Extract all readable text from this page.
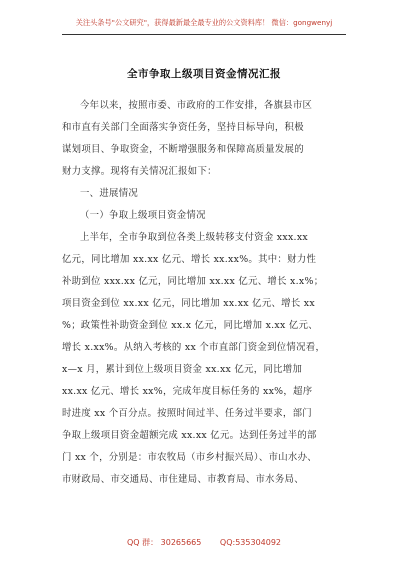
关注头条号"公文研究"，获得最新最全最专业的公文资料库！ 微信：gongwenyj
全市争取上级项目资金情况汇报
今年以来，按照市委、市政府的工作安排，各旗县市区
和市直有关部门全面落实争资任务，坚持目标导向，积极
谋划项目、争取资金，不断增强服务和保障高质量发展的
财力支撑。现将有关情况汇报如下：
一、进展情况
（一）争取上级项目资金情况
上半年，全市争取到位各类上级转移支付资金 xxx.xx
亿元，同比增加 xx.xx 亿元、增长 xx.xx%。其中：财力性
补助到位 xxx.xx 亿元，同比增加 xx.xx 亿元、增长 x.x%；
项目资金到位 xx.xx 亿元，同比增加 xx.xx 亿元、增长 xx
%；政策性补助资金到位 xx.x 亿元，同比增加 x.xx 亿元、
增长 x.xx%。从纳入考核的 xx 个市直部门资金到位情况看，
x—x 月，累计到位上级项目资金 xx.xx 亿元，同比增加
xx.xx 亿元、增长 xx%，完成年度目标任务的 xx%，超序
时进度 xx 个百分点。按照时间过半、任务过半要求，部门
争取上级项目资金超额完成 xx.xx 亿元。达到任务过半的部
门 xx 个，分别是：市农牧局（市乡村振兴局）、市山水办、
市财政局、市交通局、市住建局、市教育局、市水务局、
QQ 群： 30265665 QQ:535304092
